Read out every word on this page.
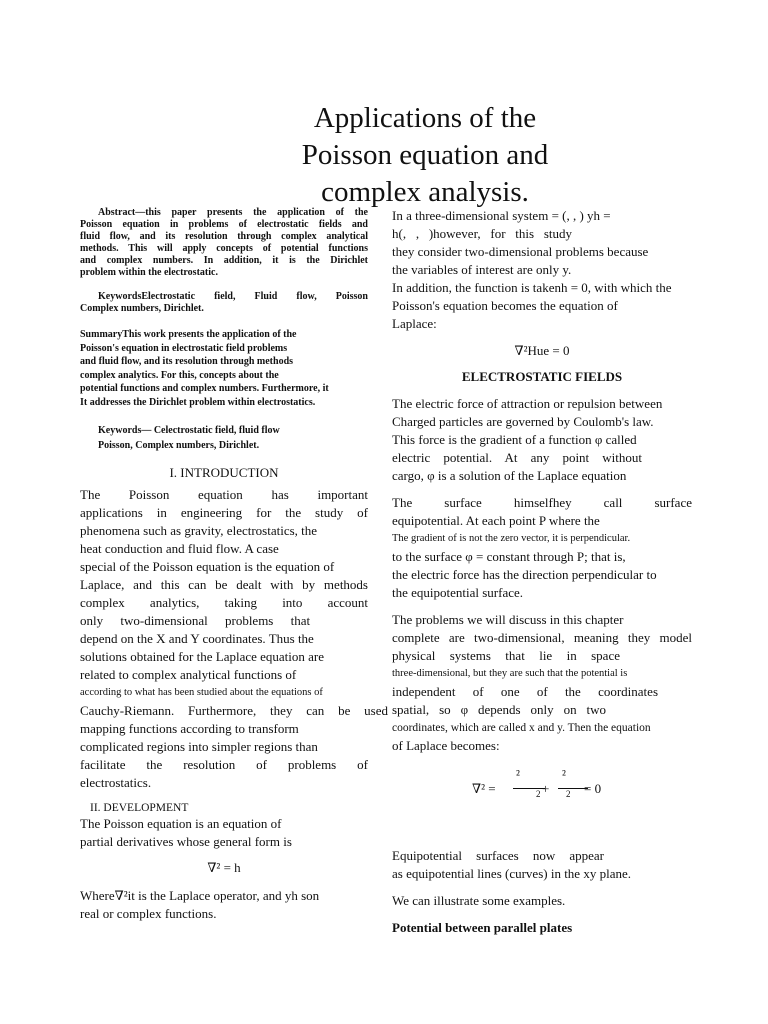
Applications of the
Poisson equation and
complex analysis.
Abstract—this paper presents the application of the
Poisson equation in problems of electrostatic fields and
fluid flow, and its resolution through complex analytical
methods. This will apply concepts of potential functions
and complex numbers. In addition, it is the Dirichlet
problem within the electrostatic.
KeywordsElectrostatic field, Fluid flow, Poisson
Complex numbers, Dirichlet.
SummaryThis work presents the application of the
Poisson's equation in electrostatic field problems
and fluid flow, and its resolution through methods
complex analytics. For this, concepts about the
potential functions and complex numbers. Furthermore, it
It addresses the Dirichlet problem within electrostatics.
Keywords— Celectrostatic field, fluid flow
Poisson, Complex numbers, Dirichlet.
I. INTRODUCTION
The Poisson equation has important
applications in engineering for the study of
phenomena such as gravity, electrostatics, the
heat conduction and fluid flow. A case
special of the Poisson equation is the equation of
Laplace, and this can be dealt with by methods
complex analytics, taking into account
only two-dimensional problems that
depend on the X and Y coordinates. Thus the
solutions obtained for the Laplace equation are
related to complex analytical functions of
according to what has been studied about the equations of
Cauchy-Riemann. Furthermore, they can be used
mapping functions according to transform
complicated regions into simpler regions than
facilitate the resolution of problems of
electrostatics.
II. DEVELOPMENT
The Poisson equation is an equation of
partial derivatives whose general form is
∇² = h
Where∇²it is the Laplace operator, and yh son
real or complex functions.
In a three-dimensional system = (, , ) yh =
h(, , )however, for this study
they consider two-dimensional problems because
the variables of interest are only y.
In addition, the function is takenh = 0, with which the
Poisson's equation becomes the equation of
Laplace:
∇²Hue = 0
ELECTROSTATIC FIELDS
The electric force of attraction or repulsion between
Charged particles are governed by Coulomb's law.
This force is the gradient of a function φ called
electric potential. At any point without
cargo, φ is a solution of the Laplace equation
The surface himselfhey call surface
equipotential. At each point P where the
The gradient of is not the zero vector, it is perpendicular.
to the surface φ = constant through P; that is,
the electric force has the direction perpendicular to
the equipotential surface.
The problems we will discuss in this chapter
complete are two-dimensional, meaning they model
physical systems that lie in space
three-dimensional, but they are such that the potential is
independent of one of the coordinates
spatial, so φ depends only on two
coordinates, which are called x and y. Then the equation
of Laplace becomes:
∇² =
²
2 +
²
2 = 0
Equipotential surfaces now appear
as equipotential lines (curves) in the xy plane.
We can illustrate some examples.
Potential between parallel plates
